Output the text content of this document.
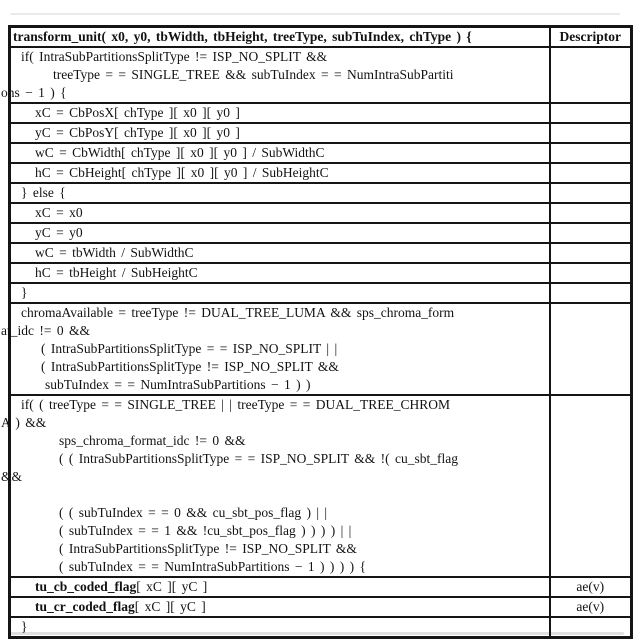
transform_unit( x0, y0, tbWidth, tbHeight, treeType, subTuIndex, chType ) {	Descriptor

if( IntraSubPartitionsSplitType != ISP_NO_SPLIT &&
treeType = = SINGLE_TREE && subTuIndex = = NumIntraSubPartiti
ons − 1 ) {	

xC = CbPosX[ chType ][ x0 ][ y0 ]	

yC = CbPosY[ chType ][ x0 ][ y0 ]	

wC = CbWidth[ chType ][ x0 ][ y0 ] / SubWidthC	

hC = CbHeight[ chType ][ x0 ][ y0 ] / SubHeightC	

} else {	

xC = x0	

yC = y0	

wC = tbWidth / SubWidthC	

hC = tbHeight / SubHeightC	

}	

chromaAvailable = treeType != DUAL_TREE_LUMA && sps_chroma_form
at_idc != 0 &&
( IntraSubPartitionsSplitType = = ISP_NO_SPLIT | |
( IntraSubPartitionsSplitType != ISP_NO_SPLIT &&
subTuIndex = = NumIntraSubPartitions − 1 ) )	

if( ( treeType = = SINGLE_TREE | | treeType = = DUAL_TREE_CHROM
A ) &&
sps_chroma_format_idc != 0 &&
( ( IntraSubPartitionsSplitType = = ISP_NO_SPLIT && !( cu_sbt_flag
&&

( ( subTuIndex = = 0 && cu_sbt_pos_flag ) | |
( subTuIndex = = 1 && !cu_sbt_pos_flag ) ) ) ) | |
( IntraSubPartitionsSplitType != ISP_NO_SPLIT &&
( subTuIndex = = NumIntraSubPartitions − 1 ) ) ) ) {

tu_cb_coded_flag[ xC ][ yC ]	ae(v)

tu_cr_coded_flag[ xC ][ yC ]	ae(v)

}	
